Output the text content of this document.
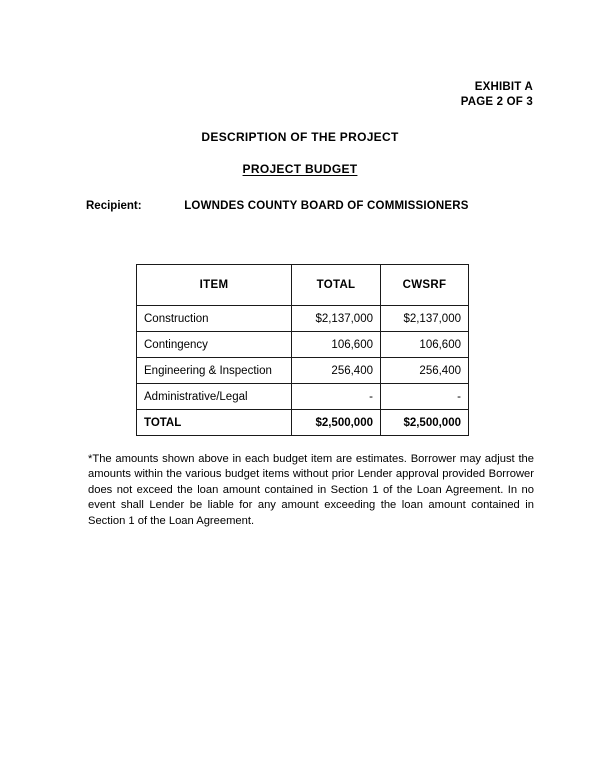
EXHIBIT A
PAGE 2 OF 3
DESCRIPTION OF THE PROJECT
PROJECT BUDGET
Recipient:	LOWNDES COUNTY BOARD OF COMMISSIONERS
ITEM	TOTAL	CWSRF
Construction	$2,137,000	$2,137,000
Contingency	106,600	106,600
Engineering & Inspection	256,400	256,400
Administrative/Legal	-	-
TOTAL	$2,500,000	$2,500,000
*The amounts shown above in each budget item are estimates. Borrower may adjust the amounts within the various budget items without prior Lender approval provided Borrower does not exceed the loan amount contained in Section 1 of the Loan Agreement. In no event shall Lender be liable for any amount exceeding the loan amount contained in Section 1 of the Loan Agreement.
